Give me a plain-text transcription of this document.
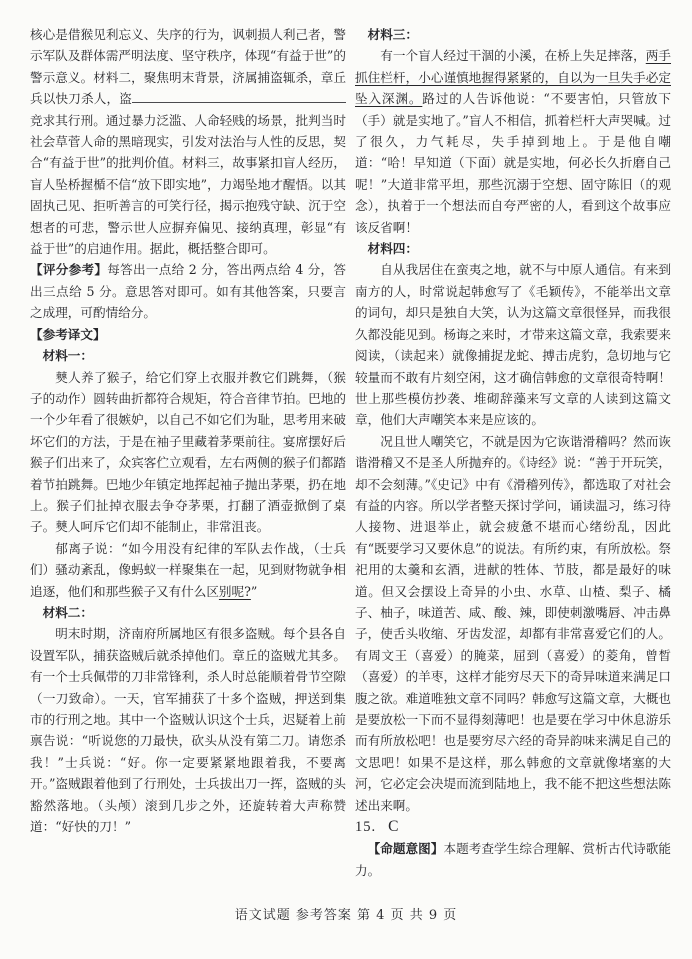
核心是借猴见利忘义、失序的行为，讽刺损人利己者，警示军队及群体需严明法度、坚守秩序，体现“有益于世”的警示意义。材料二，聚焦明末背景，济属捕盗辄杀，章丘兵以快刀杀人，盗竞求其行刑。通过暴力泛滥、人命轻贱的场景，批判当时社会草菅人命的黑暗现实，引发对法治与人性的反思，契合“有益于世”的批判价值。材料三，故事紧扣盲人经历，盲人坠桥握楯不信“放下即实地”，力竭坠地才醒悟。以其固执己见、拒听善言的可笑行径，揭示抱残守缺、沉于空想者的可悲，警示世人应摒弃偏见、接纳真理，彰显“有益于世”的启迪作用。据此，概括整合即可。

【评分参考】每答出一点给 2 分，答出两点给 4 分，答出三点给 5 分。意思答对即可。如有其他答案，只要言之成理，可酌情给分。

【参考译文】

材料一：

僰人养了猴子，给它们穿上衣服并教它们跳舞，（猴子的动作）圆转曲折都符合规矩，符合音律节拍。巴地的一个少年看了很嫉妒，以自己不如它们为耻，思考用来破坏它们的方法，于是在袖子里藏着茅栗前往。宴席摆好后猴子们出来了，众宾客伫立观看，左右两侧的猴子们都踏着节拍跳舞。巴地少年镇定地挥起袖子抛出茅栗，扔在地上。猴子们扯掉衣服去争夺茅栗，打翻了酒壶掀倒了桌子。僰人呵斥它们却不能制止，非常沮丧。

郁离子说：“如今用没有纪律的军队去作战，（士兵们）骚动紊乱，像蚂蚁一样聚集在一起，见到财物就争相追逐，他们和那些猴子又有什么区别呢?”

材料二：

明末时期，济南府所属地区有很多盗贼。每个县各自设置军队，捕获盗贼后就杀掉他们。章丘的盗贼尤其多。有一个士兵佩带的刀非常锋利，杀人时总能顺着骨节空隙（一刀致命）。一天，官军捕获了十多个盗贼，押送到集市的行刑之地。其中一个盗贼认识这个士兵，迟疑着上前禀告说：“听说您的刀最快，砍头从没有第二刀。请您杀我！”士兵说：“好。你一定要紧紧地跟着我，不要离开。”盗贼跟着他到了行刑处，士兵拔出刀一挥，盗贼的头豁然落地。（头颅）滚到几步之外，还旋转着大声称赞道：“好快的刀！”

材料三：

有一个盲人经过干涸的小溪，在桥上失足摔落，两手抓住栏杆，小心谨慎地握得紧紧的，自以为一旦失手必定坠入深渊。路过的人告诉他说：“不要害怕，只管放下（手）就是实地了。”盲人不相信，抓着栏杆大声哭喊。过了很久，力气耗尽，失手掉到地上。于是他自嘲道：“哈！早知道（下面）就是实地，何必长久折磨自己呢！”大道非常平坦，那些沉溺于空想、固守陈旧（的观念），执着于一个想法而自夸严密的人，看到这个故事应该反省啊！

材料四：

自从我居住在蛮夷之地，就不与中原人通信。有来到南方的人，时常说起韩愈写了《毛颖传》，不能举出文章的词句，却只是独自大笑，认为这篇文章很怪异，而我很久都没能见到。杨诲之来时，才带来这篇文章，我索要来阅读，（读起来）就像捕捉龙蛇、搏击虎豹，急切地与它较量而不敢有片刻空闲，这才确信韩愈的文章很奇特啊！世上那些模仿抄袭、堆砌辞藻来写文章的人读到这篇文章，他们大声嘲笑本来是应该的。

况且世人嘲笑它，不就是因为它诙谐滑稽吗？然而诙谐滑稽又不是圣人所抛弃的。《诗经》说：“善于开玩笑，却不会刻薄。”《史记》中有《滑稽列传》，都选取了对社会有益的内容。所以学者整天探讨学问，诵读温习，练习待人接物、进退举止，就会疲惫不堪而心绪纷乱，因此有“既要学习又要休息”的说法。有所约束，有所放松。祭祀用的太羹和玄酒，进献的牲体、节肢，都是最好的味道。但又会摆设上奇异的小虫、水草、山楂、梨子、橘子、柚子，味道苦、咸、酸、辣，即使刺激嘴唇、冲击鼻子，使舌头收缩、牙齿发涩，却都有非常喜爱它们的人。有周文王（喜爱）的腌菜，屈到（喜爱）的菱角，曾晳（喜爱）的羊枣，这样才能穷尽天下的奇异味道来满足口腹之欲。难道唯独文章不同吗？韩愈写这篇文章，大概也是要放松一下而不显得刻薄吧！也是要在学习中休息游乐而有所放松吧！也是要穷尽六经的奇异韵味来满足自己的文思吧！如果不是这样，那么韩愈的文章就像堵塞的大河，它必定会决堤而流到陆地上，我不能不把这些想法陈述出来啊。

15. C

【命题意图】本题考查学生综合理解、赏析古代诗歌能力。

语文试题 参考答案 第 4 页 共 9 页
